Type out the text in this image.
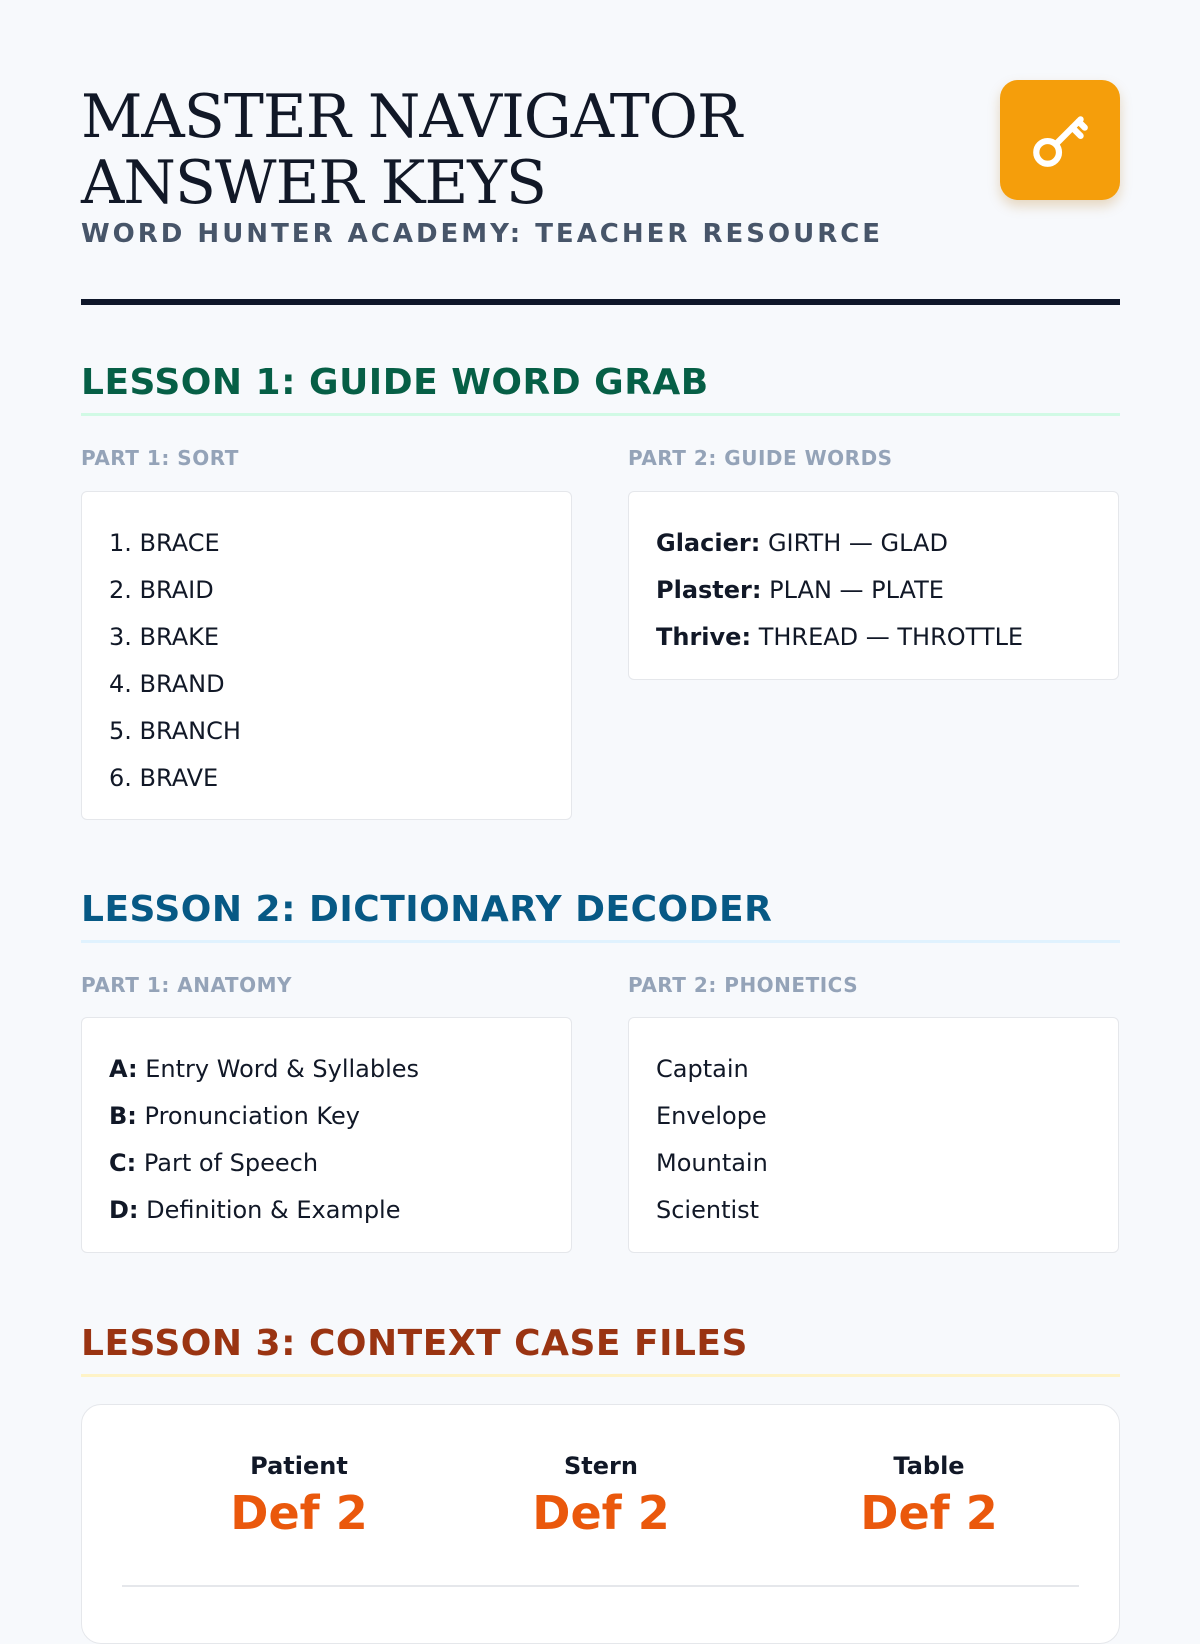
MASTER NAVIGATOR ANSWER KEYS
WORD HUNTER ACADEMY: TEACHER RESOURCE
LESSON 1: GUIDE WORD GRAB
PART 1: SORT
1. BRACE
2. BRAID
3. BRAKE
4. BRAND
5. BRANCH
6. BRAVE
PART 2: GUIDE WORDS
Glacier: GIRTH — GLAD
Plaster: PLAN — PLATE
Thrive: THREAD — THROTTLE
LESSON 2: DICTIONARY DECODER
PART 1: ANATOMY
A: Entry Word & Syllables
B: Pronunciation Key
C: Part of Speech
D: Definition & Example
PART 2: PHONETICS
Captain
Envelope
Mountain
Scientist
LESSON 3: CONTEXT CASE FILES
Patient
Def 2
Stern
Def 2
Table
Def 2
